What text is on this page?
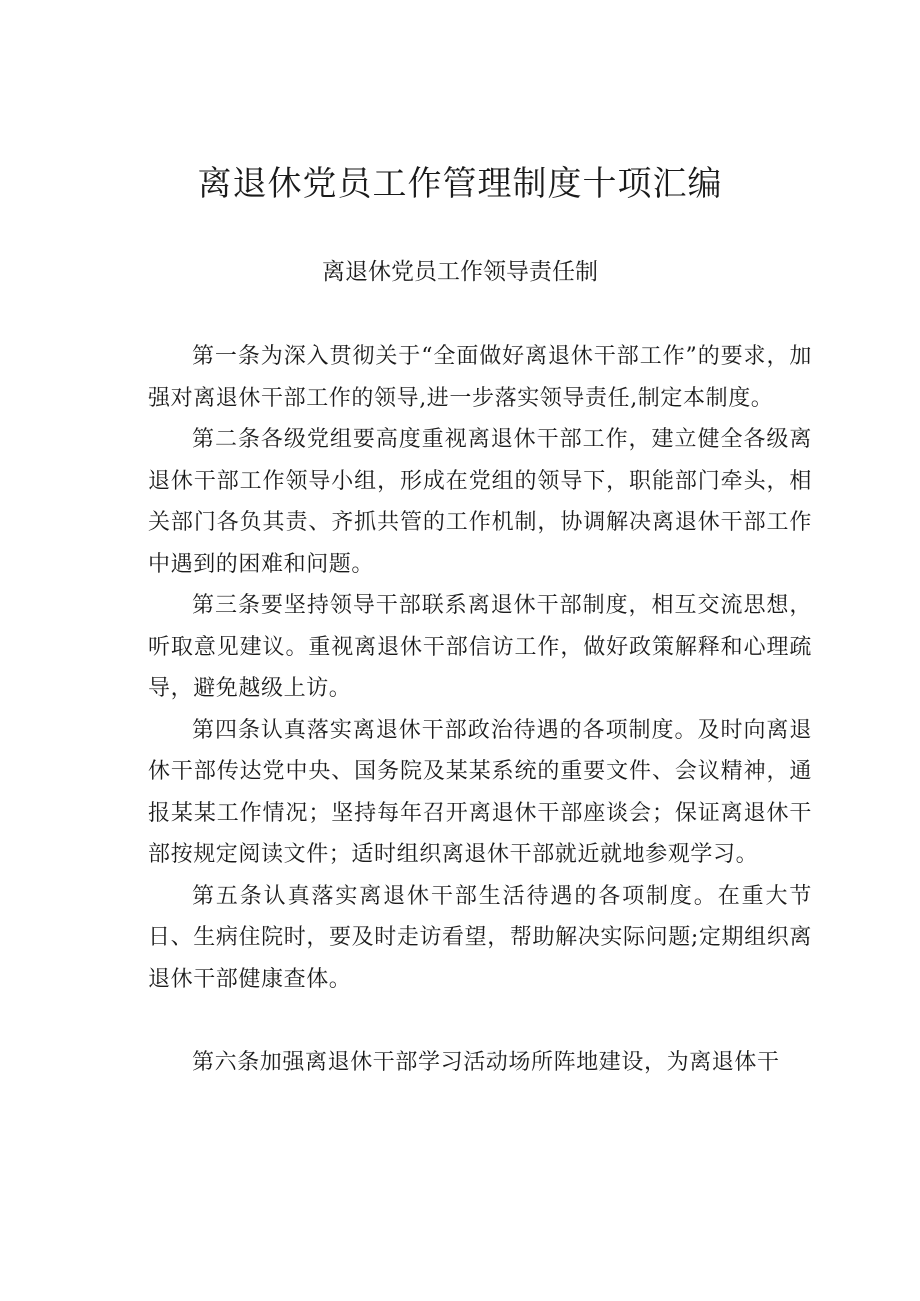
离退休党员工作管理制度十项汇编
离退休党员工作领导责任制

第一条为深入贯彻关于“全面做好离退休干部工作”的要求，加强对离退休干部工作的领导,进一步落实领导责任,制定本制度。

第二条各级党组要高度重视离退休干部工作，建立健全各级离退休干部工作领导小组，形成在党组的领导下，职能部门牵头，相关部门各负其责、齐抓共管的工作机制，协调解决离退休干部工作中遇到的困难和问题。

第三条要坚持领导干部联系离退休干部制度，相互交流思想，听取意见建议。重视离退休干部信访工作，做好政策解释和心理疏导，避免越级上访。

第四条认真落实离退休干部政治待遇的各项制度。及时向离退休干部传达党中央、国务院及某某系统的重要文件、会议精神，通报某某工作情况；坚持每年召开离退休干部座谈会；保证离退休干部按规定阅读文件；适时组织离退休干部就近就地参观学习。

第五条认真落实离退休干部生活待遇的各项制度。在重大节日、生病住院时，要及时走访看望，帮助解决实际问题;定期组织离退休干部健康查体。

第六条加强离退休干部学习活动场所阵地建设，为离退体干
